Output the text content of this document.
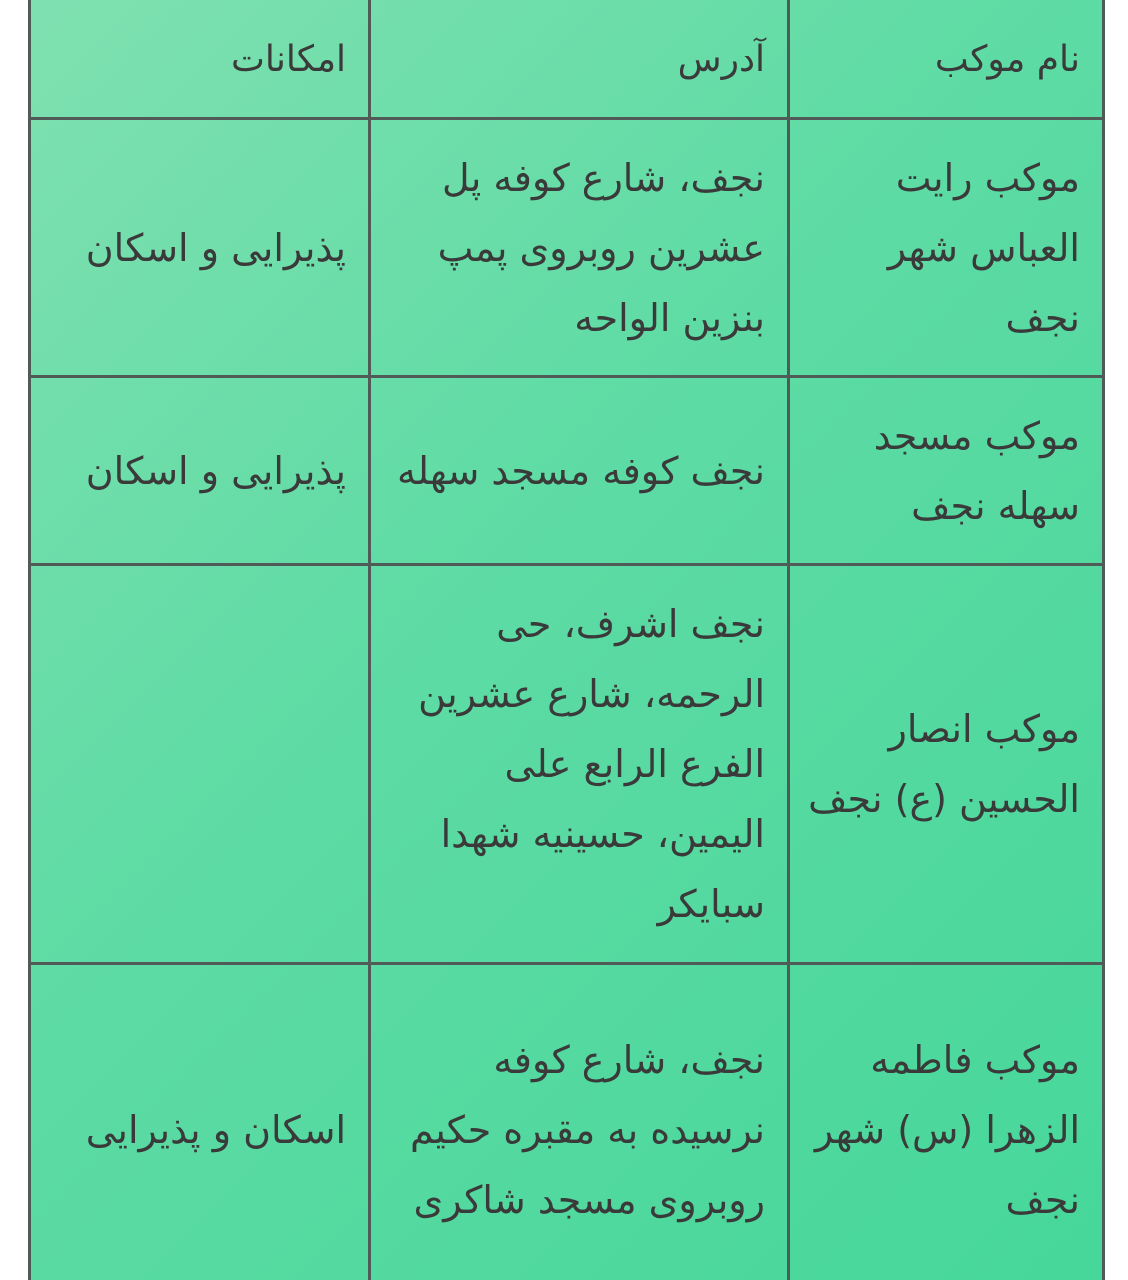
نام موکب	آدرس	امکانات
موکب رایت العباس شهر نجف	نجف، شارع کوفه پل عشرین روبروی پمپ بنزین الواحه	پذیرایی و اسکان
موکب مسجد سهله نجف	نجف کوفه مسجد سهله	پذیرایی و اسکان
موکب انصار الحسین (ع) نجف	نجف اشرف، حی الرحمه، شارع عشرین الفرع الرابع علی الیمین، حسینیه شهدا سبایکر	
موکب فاطمه الزهرا (س) شهر نجف	نجف، شارع کوفه نرسیده به مقبره حکیم روبروی مسجد شاکری	اسکان و پذیرایی
